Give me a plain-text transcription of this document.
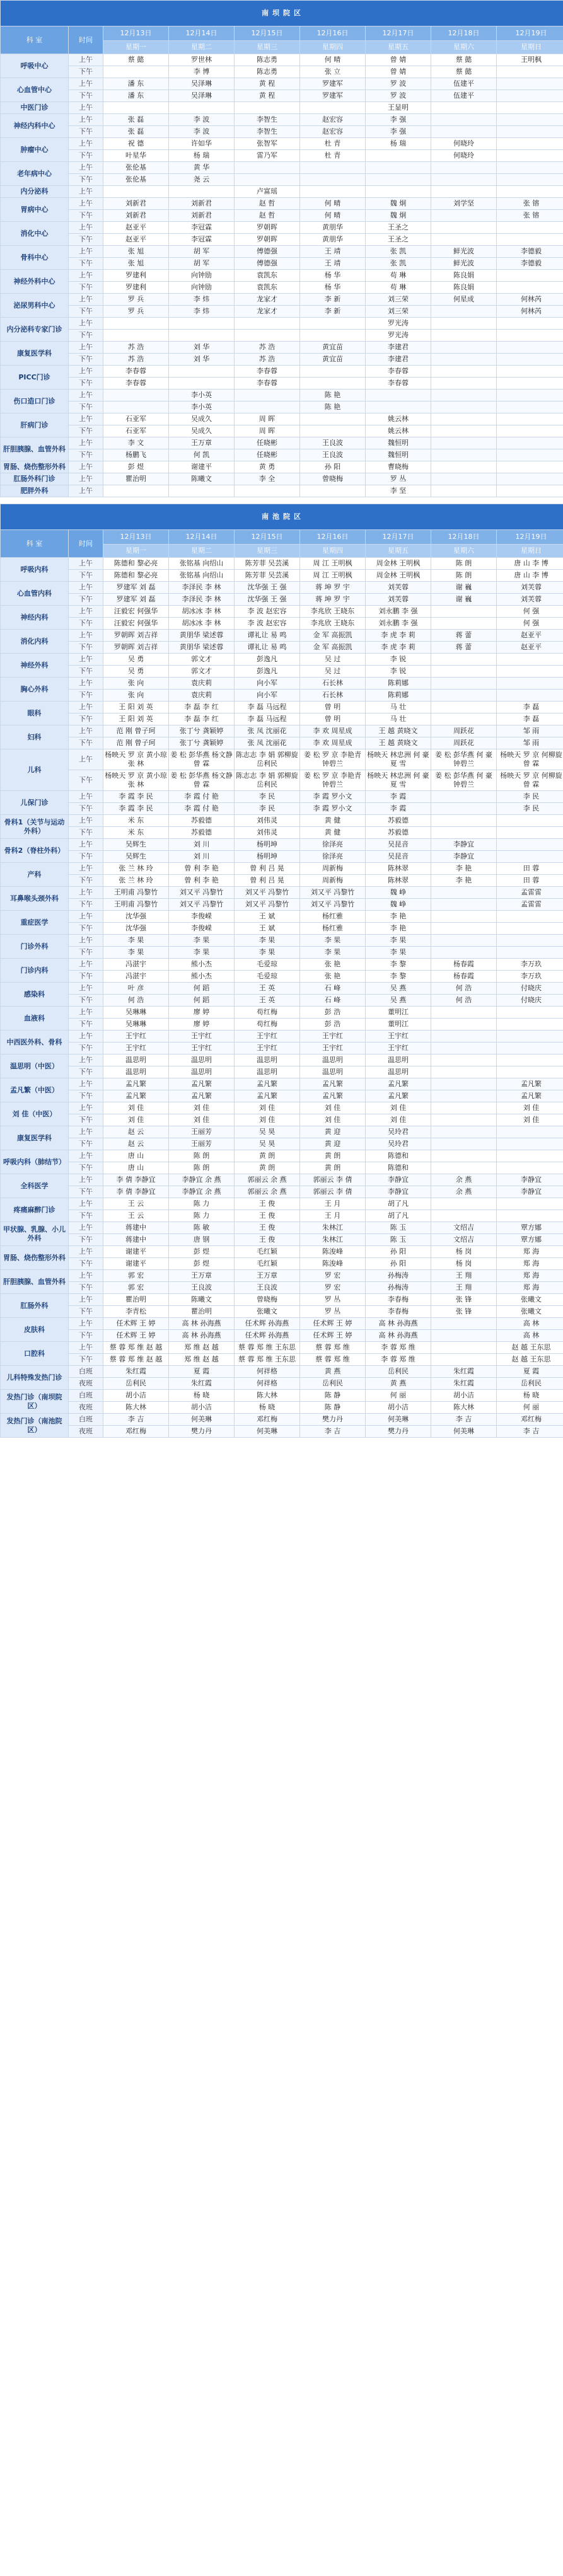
南坝院区								
科 室	时间	12月13日	12月14日	12月15日	12月16日	12月17日	12月18日	12月19日
		星期一	星期二	星期三	星期四	星期五	星期六	星期日
呼吸中心	上午	蔡 懿	罗世林	陈志勇	何 晴	曾 婧	蔡 懿	王明枫
	下午		李 博	陈志勇	张 立	曾 婧	蔡 懿	
心血管中心	上午	潘 东	吴泽琳	黄 程	罗建军	罗 波	伍建平	
	下午	潘 东	吴泽琳	黄 程	罗建军	罗 波	伍建平	
中医门诊	上午					王显明		
神经内科中心	上午	张 磊	李 波	李智生	赵宏容	李 强		
	下午	张 磊	李 波	李智生	赵宏容	李 强		
肿瘤中心	上午	祝 德	许如华	张智军	杜 青	杨 瑞	何晓玲	
	下午	叶星华	杨 瑞	雷乃军	杜 青		何晓玲	
老年病中心	上午	张伦基	黄 华					
	下午	张伦基	尧 云					
内分泌科	上午			卢富瑶				
胃病中心	上午	刘新君	刘新君	赵 哲	何 晴	魏 炯	刘学坚	张 镕
	下午	刘新君	刘新君	赵 哲	何 晴	魏 炯		张 镕
消化中心	上午	赵亚平	李冠霖	罗朝晖	黄朋华	王圣之		
	下午	赵亚平	李冠霖	罗朝晖	黄朋华	王圣之		
骨科中心	上午	张 旭	胡 军	傅德强	王 靖	张 凯	鲜光波	李德毅
	下午	张 旭	胡 军	傅德强	王 靖	张 凯	鲜光波	李德毅
神经外科中心	上午	罗建利	向钟励	袁凯东	杨 华	苟 琳	陈良娟	
	下午	罗建利	向钟励	袁凯东	杨 华	苟 琳	陈良娟	
泌尿男科中心	上午	罗 兵	李 炜	龙家才	李 新	刘三荣	何星成	何林芮
	下午	罗 兵	李 炜	龙家才	李 新	刘三荣		何林芮
内分泌科专家门诊	上午					罗光涛		
	下午					罗光涛		
康复医学科	上午	苏 浩	刘 华	苏 浩	黄宜苗	李建君		
	下午	苏 浩	刘 华	苏 浩	黄宜苗	李建君		
PICC门诊	上午	李春蓉		李春蓉		李春蓉		
	下午	李春蓉		李春蓉		李春蓉		
伤口造口门诊	上午		李小英		陈 艳			
	下午		李小英		陈 艳			
肝病门诊	上午	石亚军	吴成久	周 晖		姚云林		
	下午	石亚军	吴成久	周 晖		姚云林		
肝胆胰腺、血管外科	上午	李 文	王万章	任晓彬	王良波	魏恒明		
	下午	杨鹏飞	何 凯	任晓彬	王良波	魏恒明		
胃肠、烧伤整形外科	上午	彭 煜	谢建平	黄 勇	孙 阳	曹晓梅		
肛肠外科门诊	上午	瞿治明	陈曦文	李 全	曾晓梅	罗 丛		
肥胖外科	上午					李 坚		
南池院区								
科 室	时间	12月13日	12月14日	12月15日	12月16日	12月17日	12月18日	12月19日
		星期一	星期二	星期三	星期四	星期五	星期六	星期日
呼吸内科	上午	陈德和 黎必亮	张铭基 向绍山	陈芳菲 吴芸溪	周 江 王明枫	周金林 王明枫	陈 朗	唐 山 李 博
	下午	陈德和 黎必亮	张铭基 向绍山	陈芳菲 吴芸溪	周 江 王明枫	周金林 王明枫	陈 朗	唐 山 李 博
心血管内科	上午	罗建军 刘 磊	李泽民 李 林	沈华强 王 强	蒋 坤 罗 宇	刘芙蓉	谢 巍	刘芙蓉
	下午	罗建军 刘 磊	李泽民 李 林	沈华强 王 强	蒋 坤 罗 宇	刘芙蓉	谢 巍	刘芙蓉
神经内科	上午	汪毅宏 何强华	胡冰冰 李 林	李 波 赵宏容	李兆欣 王晓东	刘永鹏 李 强		何 强
	下午	汪毅宏 何强华	胡冰冰 李 林	李 波 赵宏容	李兆欣 王晓东	刘永鹏 李 强		何 强
消化内科	上午	罗朝晖 刘吉祥	黄朋华 梁述蓉	谭礼让 易 鸣	金 军 高振凯	李 虎 李 莉	蒋 蕾	赵亚平
	下午	罗朝晖 刘吉祥	黄朋华 梁述蓉	谭礼让 易 鸣	金 军 高振凯	李 虎 李 莉	蒋 蕾	赵亚平
神经外科	上午	吴 勇	郭文才	彭逸凡	吴 过	李 锐		
	下午	吴 勇	郭文才	彭逸凡	吴 过	李 锐		
胸心外科	上午	张 向	袁庆莉	向小军	石长林	陈莉娜		
	下午	张 向	袁庆莉	向小军	石长林	陈莉娜		
眼科	上午	王 阳 刘 英	李 磊 李 红	李 磊 马远程	曾 明	马 壮		李 磊
	下午	王 阳 刘 英	李 磊 李 红	李 磊 马远程	曾 明	马 壮		李 磊
妇科	上午	范 刚 曾子珂	张丁兮 龚颖婷	张 凤 沈丽花	李 欢 周星成	王 越 黄晓文	周跃花	邹 雨
	下午	范 刚 曾子珂	张丁兮 龚颖婷	张 凤 沈丽花	李 欢 周星成	王 越 黄晓文	周跃花	邹 雨
儿科	上午	杨映天 罗 京 黄小琼 张 林	姜 松 彭华燕 杨文静 曾 霖	陈志志 李 娟 郭柳旋 岳利民	姜 松 罗 京 李艳青 钟碧兰	杨映天 林忠洲 何 豪 夏 雪	姜 松 彭华燕 何 豪 钟碧兰	杨映天 罗 京 何柳旋 曾 霖
	下午	杨映天 罗 京 黄小琼 张 林	姜 松 彭华燕 杨文静 曾 霖	陈志志 李 娟 郭柳旋 岳利民	姜 松 罗 京 李艳青 钟碧兰	杨映天 林忠洲 何 豪 夏 雪	姜 松 彭华燕 何 豪 钟碧兰	杨映天 罗 京 何柳旋 曾 霖
儿保门诊	上午	李 霞 李 民	李 霞 付 艳	李 民	李 霞 罗小文	李 霞		李 民
	下午	李 霞 李 民	李 霞 付 艳	李 民	李 霞 罗小文	李 霞		李 民
骨科1（关节与运动外科）	上午	米 东	苏毅德	刘伟灵	黄 健	苏毅德		
	下午	米 东	苏毅德	刘伟灵	黄 健	苏毅德		
骨科2（脊柱外科）	上午	吴辉生	刘 川	杨明坤	徐泽亮	吴昆音	李静宜	
	下午	吴辉生	刘 川	杨明坤	徐泽亮	吴昆音	李静宜	
产科	上午	张 兰 林 玲	曾 利 李 艳	曾 利 吕 晃	周新梅	陈林翠	李 艳	田 蓉
	下午	张 兰 林 玲	曾 利 李 艳	曾 利 吕 晃	周新梅	陈林翠	李 艳	田 蓉
耳鼻喉头颈外科	上午	王明甫 冯黎竹	刘又平 冯黎竹	刘又平 冯黎竹	刘又平 冯黎竹	魏 峥		孟雷雷
	下午	王明甫 冯黎竹	刘又平 冯黎竹	刘又平 冯黎竹	刘又平 冯黎竹	魏 峥		孟雷雷
重症医学	上午	沈华强	李俊嵘	王 斌	杨红雅	李 艳		
	下午	沈华强	李俊嵘	王 斌	杨红雅	李 艳		
门诊外科	上午	李 果	李 果	李 果	李 果	李 果		
	下午	李 果	李 果	李 果	李 果	李 果		
门诊内科	上午	冯湛宇	熊小杰	毛爱琼	张 艳	李 黎	杨春霞	李万玖
	下午	冯湛宇	熊小杰	毛爱琼	张 艳	李 黎	杨春霞	李万玖
感染科	上午	叶 彦	何 蹈	王 英	石 峰	吴 燕	何 浩	付晓庆
	下午	何 浩	何 蹈	王 英	石 峰	吴 燕	何 浩	付晓庆
血液科	上午	吴琳琳	廖 婷	苟红梅	彭 浩	董明江		
	下午	吴琳琳	廖 婷	苟红梅	彭 浩	董明江		
中西医外科、骨科	上午	王宇红	王宇红	王宇红	王宇红	王宇红		
	下午	王宇红	王宇红	王宇红	王宇红	王宇红		
温思明（中医）	上午	温思明	温思明	温思明	温思明	温思明		
	下午	温思明	温思明	温思明	温思明	温思明		
孟凡繁（中医）	上午	孟凡繁	孟凡繁	孟凡繁	孟凡繁	孟凡繁		孟凡繁
	下午	孟凡繁	孟凡繁	孟凡繁	孟凡繁	孟凡繁		孟凡繁
刘 佳（中医）	上午	刘 佳	刘 佳	刘 佳	刘 佳	刘 佳		刘 佳
	下午	刘 佳	刘 佳	刘 佳	刘 佳	刘 佳		刘 佳
康复医学科	上午	赵 云	王丽芳	吴 昊	黄 迎	吴玲君		
	下午	赵 云	王丽芳	吴 昊	黄 迎	吴玲君		
呼吸内科（肺结节）	上午	唐 山	陈 朗	黄 朗	黄 朗	陈德和		
	下午	唐 山	陈 朗	黄 朗	黄 朗	陈德和		
全科医学	上午	李 倩 李静宜	李静宜 余 燕	郭丽云 余 燕	郭丽云 李 倩	李静宜	余 燕	李静宜
	下午	李 倩 李静宜	李静宜 余 燕	郭丽云 余 燕	郭丽云 李 倩	李静宜	余 燕	李静宜
疼痛麻醉门诊	上午	王 云	陈 力	王 俊	王 月	胡了凡		
	下午	王 云	陈 力	王 俊	王 月	胡了凡		
甲状腺、乳腺、小儿外科	上午	蒋建中	陈 敏	王 俊	朱林江	陈 玉	文绍吉	覃方娜
	下午	蒋建中	唐 钢	王 俊	朱林江	陈 玉	文绍吉	覃方娜
胃肠、烧伤整形外科	上午	谢建平	彭 煜	毛红颖	陈浚峰	孙 阳	杨 岗	郑 海
	下午	谢建平	彭 煜	毛红颖	陈浚峰	孙 阳	杨 岗	郑 海
肝胆胰腺、血管外科	上午	郭 宏	王万章	王万章	罗 宏	孙梅涛	王 翔	郑 海
	下午	郭 宏	王良波	王良波	罗 宏	孙梅涛	王 翔	郑 海
肛肠外科	上午	瞿治明	陈曦文	曾晓梅	罗 丛	李春梅	张 锋	张曦文
	下午	李青松	瞿治明	张曦文	罗 丛	李春梅	张 锋	张曦文
皮肤科	上午	任术辉 王 婷	高 林 孙海燕	任术辉 孙海燕	任术辉 王 婷	高 林 孙海燕		高 林
	下午	任术辉 王 婷	高 林 孙海燕	任术辉 孙海燕	任术辉 王 婷	高 林 孙海燕		高 林
口腔科	上午	蔡 蓉 郑 维 赵 越	郑 维 赵 越	蔡 蓉 郑 维 王东思	蔡 蓉 郑 维	李 蓉 郑 维		赵 越 王东思
	下午	蔡 蓉 郑 维 赵 越	郑 维 赵 越	蔡 蓉 郑 维 王东思	蔡 蓉 郑 维	李 蓉 郑 维		赵 越 王东思
儿科特殊发热门诊	白班	朱红霞	夏 霞	何祥格	黄 燕	岳利民	朱红霞	夏 霞
	夜班	岳利民	朱红霞	何祥格	岳利民	黄 燕	朱红霞	岳利民
发热门诊（南坝院区）	白班	胡小洁	杨 晓	陈大林	陈 静	何 丽	胡小洁	杨 晓
	夜班	陈大林	胡小洁	杨 晓	陈 静	胡小洁	陈大林	何 丽
发热门诊（南池院区）	白班	李 吉	何美琳	邓红梅	樊力丹	何美琳	李 吉	邓红梅
	夜班	邓红梅	樊力丹	何美琳	李 吉	樊力丹	何美琳	李 吉
